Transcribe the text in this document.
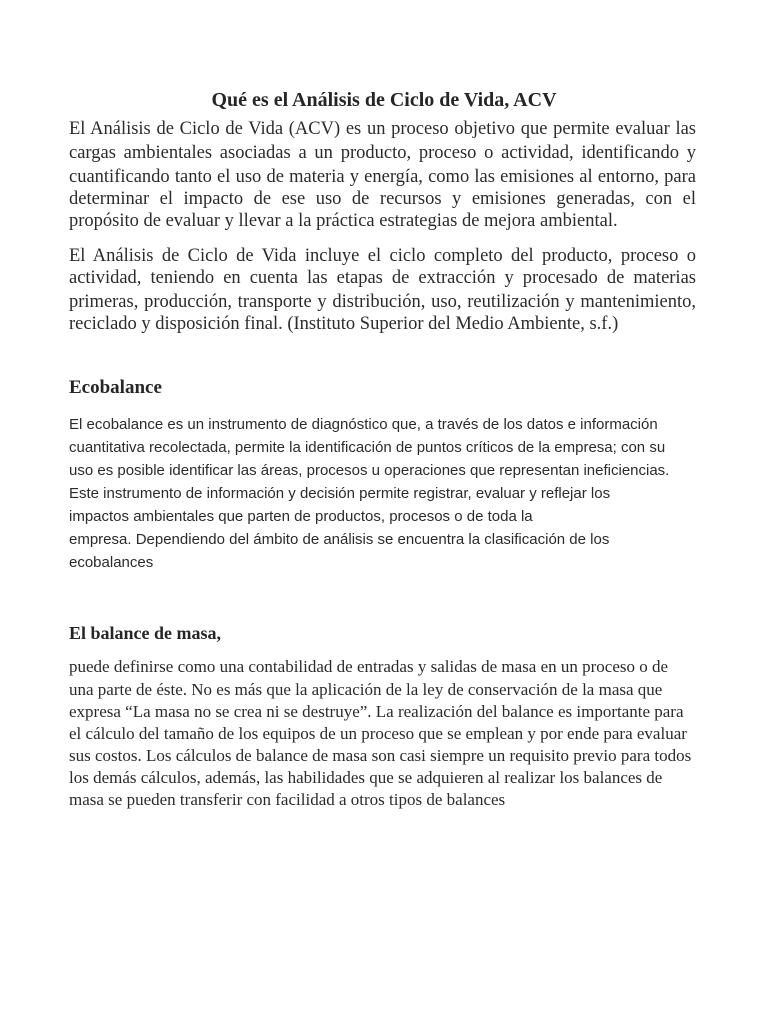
Qué es el Análisis de Ciclo de Vida, ACV

El Análisis de Ciclo de Vida (ACV) es un proceso objetivo que permite evaluar las

cargas ambientales asociadas a un producto, proceso o actividad, identificando y

cuantificando tanto el uso de materia y energía, como las emisiones al entorno, para

determinar el impacto de ese uso de recursos y emisiones generadas, con el

propósito de evaluar y llevar a la práctica estrategias de mejora ambiental.

El Análisis de Ciclo de Vida incluye el ciclo completo del producto, proceso o

actividad, teniendo en cuenta las etapas de extracción y procesado de materias

primeras, producción, transporte y distribución, uso, reutilización y mantenimiento,

reciclado y disposición final. (Instituto Superior del Medio Ambiente, s.f.)

Ecobalance

El ecobalance es un instrumento de diagnóstico que, a través de los datos e información

cuantitativa recolectada, permite la identificación de puntos críticos de la empresa; con su

uso es posible identificar las áreas, procesos u operaciones que representan ineficiencias.

Este instrumento de información y decisión permite registrar, evaluar y reflejar los

impactos ambientales que parten de productos, procesos o de toda la

empresa. Dependiendo del ámbito de análisis se encuentra la clasificación de los

ecobalances

El balance de masa,

puede definirse como una contabilidad de entradas y salidas de masa en un proceso o de

una parte de éste. No es más que la aplicación de la ley de conservación de la masa que

expresa “La masa no se crea ni se destruye”. La realización del balance es importante para

el cálculo del tamaño de los equipos de un proceso que se emplean y por ende para evaluar

sus costos. Los cálculos de balance de masa son casi siempre un requisito previo para todos

los demás cálculos, además, las habilidades que se adquieren al realizar los balances de

masa se pueden transferir con facilidad a otros tipos de balances
